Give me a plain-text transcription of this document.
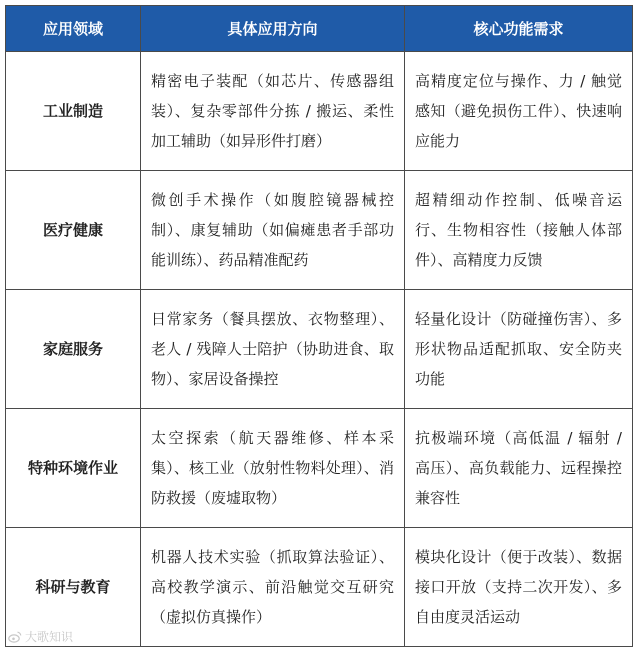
应用领域	具体应用方向	核心功能需求
工业制造	精密电子装配（如芯片、传感器组装）、复杂零部件分拣 / 搬运、柔性加工辅助（如异形件打磨）	高精度定位与操作、力 / 触觉感知（避免损伤工件）、快速响应能力
医疗健康	微创手术操作（如腹腔镜器械控制）、康复辅助（如偏瘫患者手部功能训练）、药品精准配药	超精细动作控制、低噪音运行、生物相容性（接触人体部件）、高精度力反馈
家庭服务	日常家务（餐具摆放、衣物整理）、老人 / 残障人士陪护（协助进食、取物）、家居设备操控	轻量化设计（防碰撞伤害）、多形状物品适配抓取、安全防夹功能
特种环境作业	太空探索（航天器维修、样本采集）、核工业（放射性物料处理）、消防救援（废墟取物）	抗极端环境（高低温 / 辐射 / 高压）、高负载能力、远程操控兼容性
科研与教育	机器人技术实验（抓取算法验证）、高校教学演示、前沿触觉交互研究（虚拟仿真操作）	模块化设计（便于改装）、数据接口开放（支持二次开发）、多自由度灵活运动
大歌知识
